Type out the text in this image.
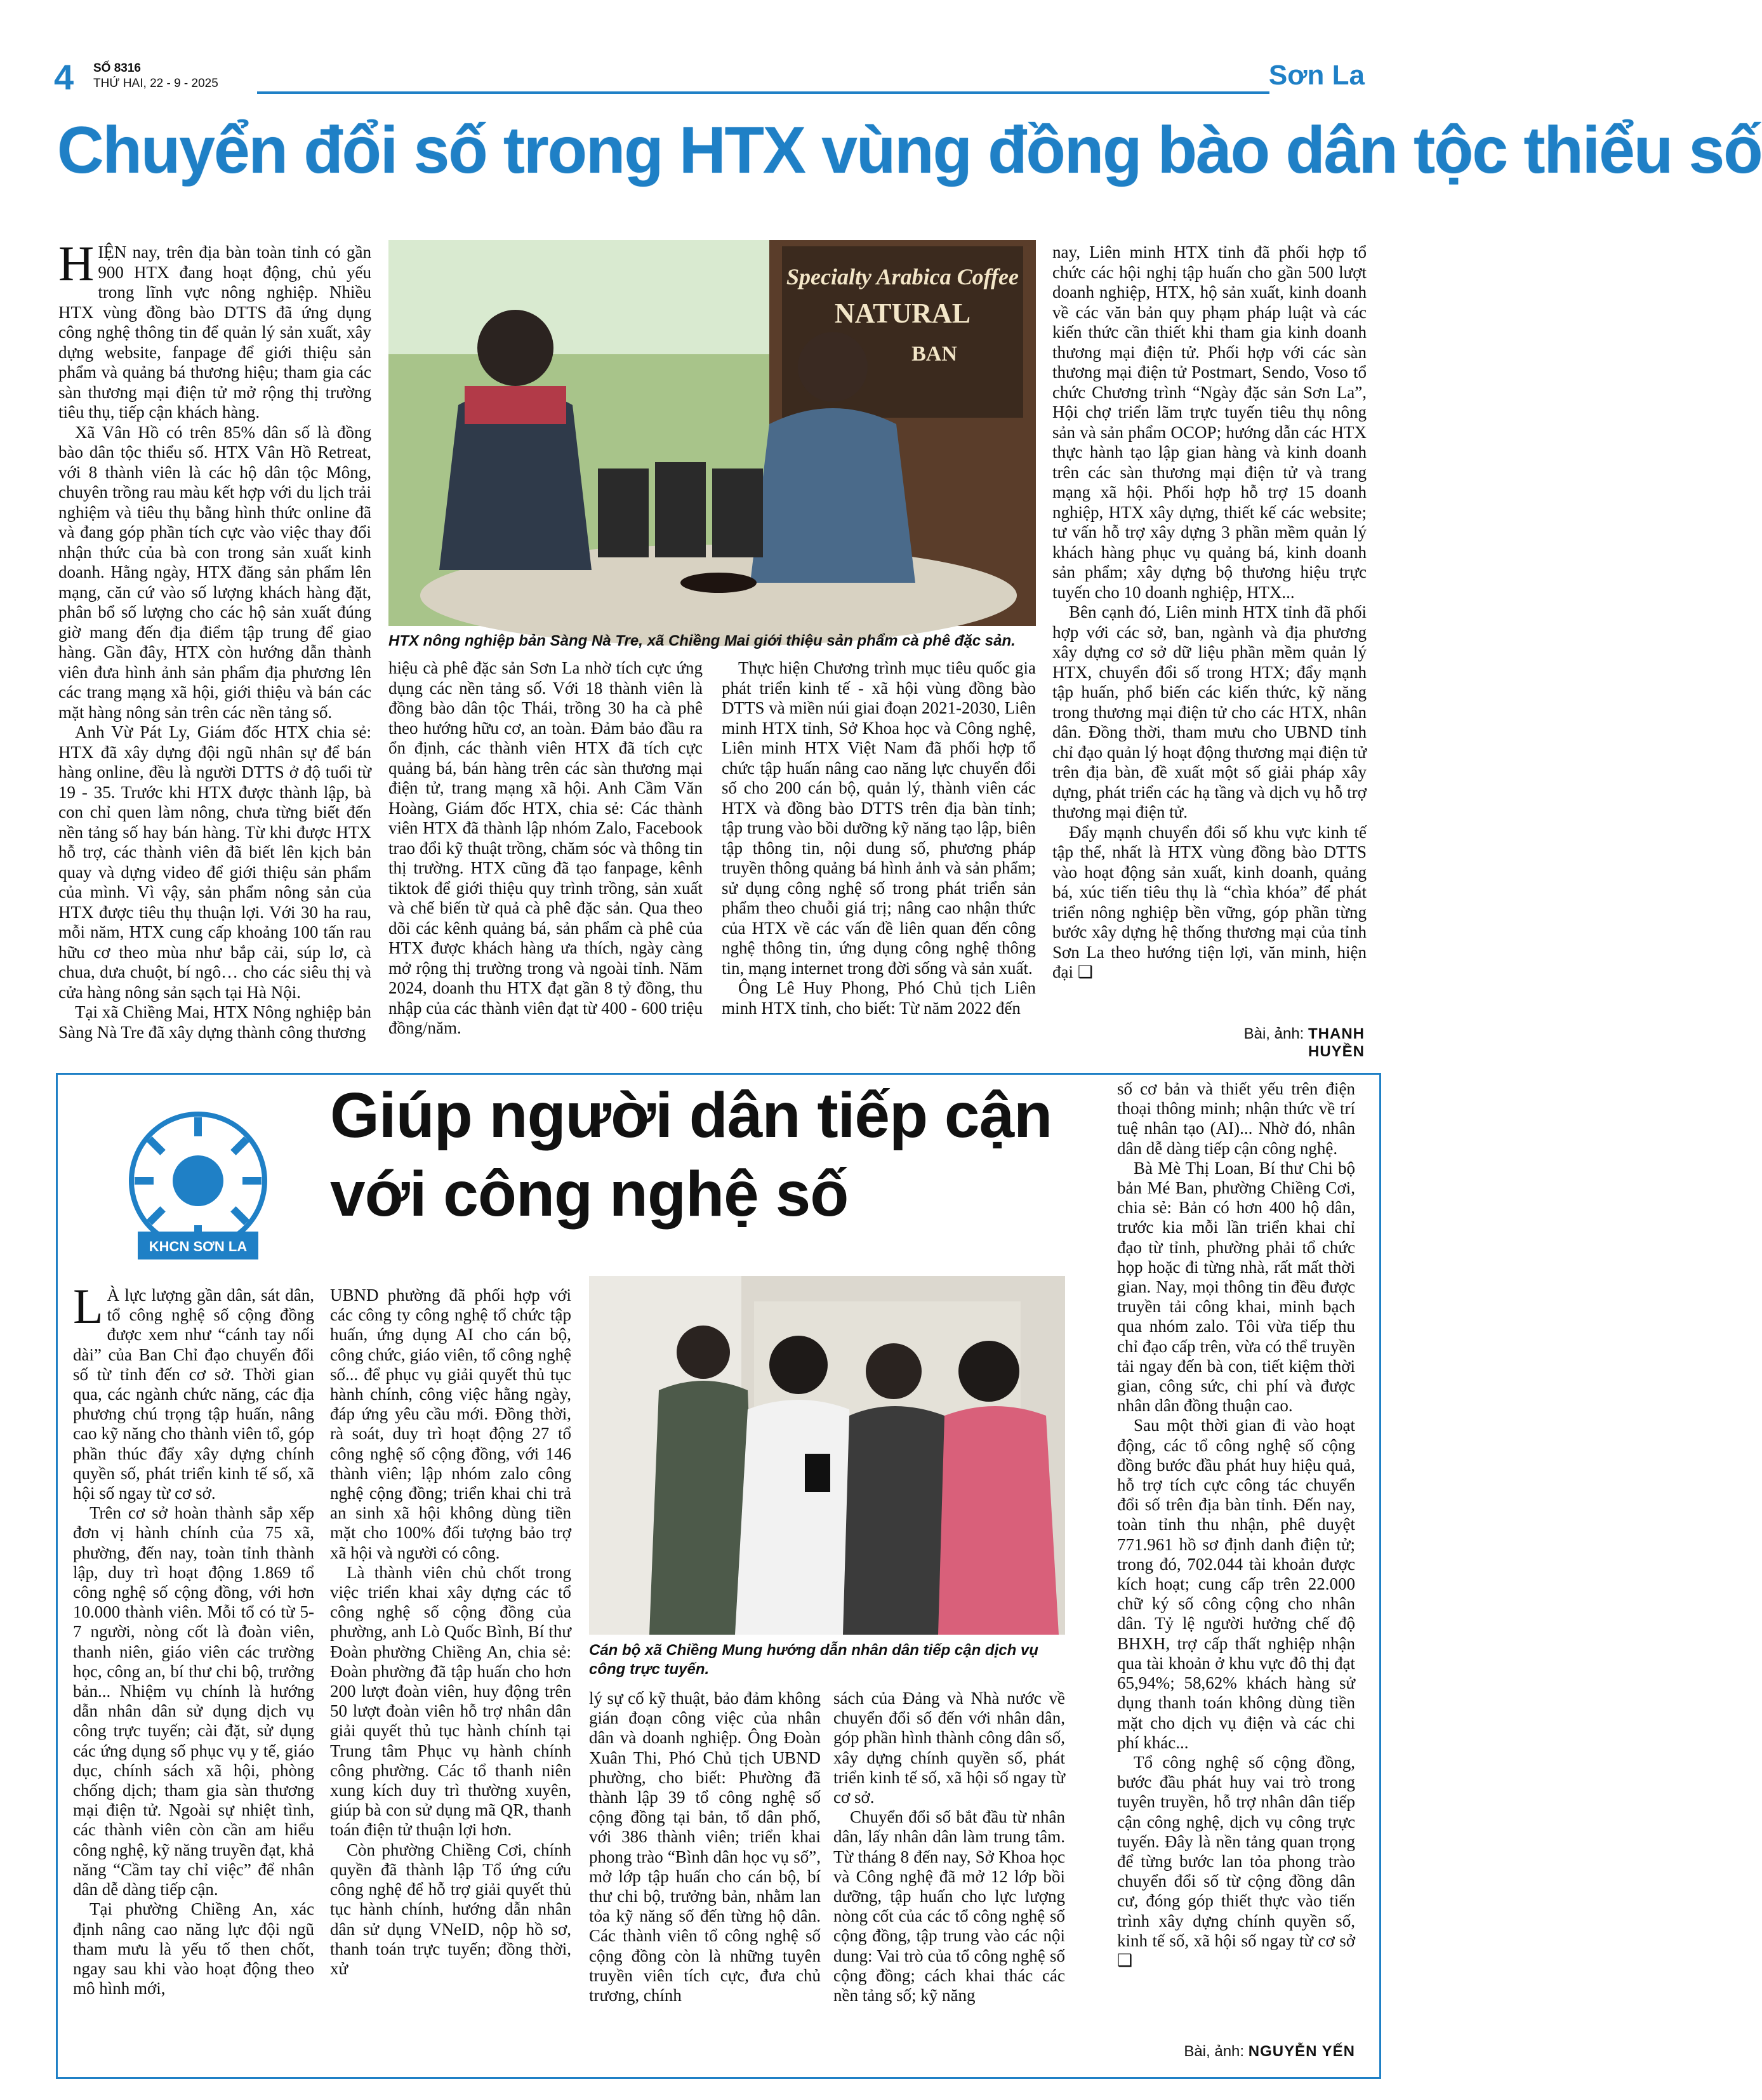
4 SỐ 8316
THỨ HAI, 22 - 9 - 2025	Sơn La
Chuyển đổi số trong HTX vùng đồng bào dân tộc thiểu số

HIỆN nay, trên địa bàn toàn tỉnh có gần 900 HTX đang hoạt động, chủ yếu trong lĩnh vực nông nghiệp. Nhiều HTX vùng đồng bào DTTS đã ứng dụng công nghệ thông tin để quản lý sản xuất, xây dựng website, fanpage để giới thiệu sản phẩm và quảng bá thương hiệu; tham gia các sàn thương mại điện tử mở rộng thị trường tiêu thụ, tiếp cận khách hàng.

Xã Vân Hồ có trên 85% dân số là đồng bào dân tộc thiểu số. HTX Vân Hồ Retreat, với 8 thành viên là các hộ dân tộc Mông, chuyên trồng rau màu kết hợp với du lịch trải nghiệm và tiêu thụ bằng hình thức online đã và đang góp phần tích cực vào việc thay đổi nhận thức của bà con trong sản xuất kinh doanh. Hằng ngày, HTX đăng sản phẩm lên mạng, căn cứ vào số lượng khách hàng đặt, phân bổ số lượng cho các hộ sản xuất đúng giờ mang đến địa điểm tập trung để giao hàng. Gần đây, HTX còn hướng dẫn thành viên đưa hình ảnh sản phẩm địa phương lên các trang mạng xã hội, giới thiệu và bán các mặt hàng nông sản trên các nền tảng số.

Anh Vừ Pát Ly, Giám đốc HTX chia sẻ: HTX đã xây dựng đội ngũ nhân sự để bán hàng online, đều là người DTTS ở độ tuổi từ 19 - 35. Trước khi HTX được thành lập, bà con chỉ quen làm nông, chưa từng biết đến nền tảng số hay bán hàng. Từ khi được HTX hỗ trợ, các thành viên đã biết lên kịch bản quay và dựng video để giới thiệu sản phẩm của mình. Vì vậy, sản phẩm nông sản của HTX được tiêu thụ thuận lợi. Với 30 ha rau, mỗi năm, HTX cung cấp khoảng 100 tấn rau hữu cơ theo mùa như bắp cải, súp lơ, cà chua, dưa chuột, bí ngô… cho các siêu thị và cửa hàng nông sản sạch tại Hà Nội.

Tại xã Chiềng Mai, HTX Nông nghiệp bản Sàng Nà Tre đã xây dựng thành công thương

Specialty Arabica Coffee
NATURAL
BAN
HTX nông nghiệp bản Sàng Nà Tre, xã Chiềng Mai giới thiệu sản phẩm cà phê đặc sản.

hiệu cà phê đặc sản Sơn La nhờ tích cực ứng dụng các nền tảng số. Với 18 thành viên là đồng bào dân tộc Thái, trồng 30 ha cà phê theo hướng hữu cơ, an toàn. Đảm bảo đầu ra ổn định, các thành viên HTX đã tích cực quảng bá, bán hàng trên các sàn thương mại điện tử, trang mạng xã hội. Anh Cầm Văn Hoàng, Giám đốc HTX, chia sẻ: Các thành viên HTX đã thành lập nhóm Zalo, Facebook trao đổi kỹ thuật trồng, chăm sóc và thông tin thị trường. HTX cũng đã tạo fanpage, kênh tiktok để giới thiệu quy trình trồng, sản xuất và chế biến từ quả cà phê đặc sản. Qua theo dõi các kênh quảng bá, sản phẩm cà phê của HTX được khách hàng ưa thích, ngày càng mở rộng thị trường trong và ngoài tỉnh. Năm 2024, doanh thu HTX đạt gần 8 tỷ đồng, thu nhập của các thành viên đạt từ 400 - 600 triệu đồng/năm.

Thực hiện Chương trình mục tiêu quốc gia phát triển kinh tế - xã hội vùng đồng bào DTTS và miền núi giai đoạn 2021-2030, Liên minh HTX tỉnh, Sở Khoa học và Công nghệ, Liên minh HTX Việt Nam đã phối hợp tổ chức tập huấn nâng cao năng lực chuyển đổi số cho 200 cán bộ, quản lý, thành viên các HTX và đồng bào DTTS trên địa bàn tỉnh; tập trung vào bồi dưỡng kỹ năng tạo lập, biên tập thông tin, nội dung số, phương pháp truyền thông quảng bá hình ảnh và sản phẩm; sử dụng công nghệ số trong phát triển sản phẩm theo chuỗi giá trị; nâng cao nhận thức của HTX về các vấn đề liên quan đến công nghệ thông tin, ứng dụng công nghệ thông tin, mạng internet trong đời sống và sản xuất.

Ông Lê Huy Phong, Phó Chủ tịch Liên minh HTX tỉnh, cho biết: Từ năm 2022 đến

nay, Liên minh HTX tỉnh đã phối hợp tổ chức các hội nghị tập huấn cho gần 500 lượt doanh nghiệp, HTX, hộ sản xuất, kinh doanh về các văn bản quy phạm pháp luật và các kiến thức cần thiết khi tham gia kinh doanh thương mại điện tử. Phối hợp với các sàn thương mại điện tử Postmart, Sendo, Voso tổ chức Chương trình “Ngày đặc sản Sơn La”, Hội chợ triển lãm trực tuyến tiêu thụ nông sản và sản phẩm OCOP; hướng dẫn các HTX thực hành tạo lập gian hàng và kinh doanh trên các sàn thương mại điện tử và trang mạng xã hội. Phối hợp hỗ trợ 15 doanh nghiệp, HTX xây dựng, thiết kế các website; tư vấn hỗ trợ xây dựng 3 phần mềm quản lý khách hàng phục vụ quảng bá, kinh doanh sản phẩm; xây dựng bộ thương hiệu trực tuyến cho 10 doanh nghiệp, HTX...

Bên cạnh đó, Liên minh HTX tỉnh đã phối hợp với các sở, ban, ngành và địa phương xây dựng cơ sở dữ liệu phần mềm quản lý HTX, chuyển đổi số trong HTX; đẩy mạnh tập huấn, phổ biến các kiến thức, kỹ năng trong thương mại điện tử cho các HTX, nhân dân. Đồng thời, tham mưu cho UBND tỉnh chỉ đạo quản lý hoạt động thương mại điện tử trên địa bàn, đề xuất một số giải pháp xây dựng, phát triển các hạ tầng và dịch vụ hỗ trợ thương mại điện tử.

Đẩy mạnh chuyển đổi số khu vực kinh tế tập thể, nhất là HTX vùng đồng bào DTTS vào hoạt động sản xuất, kinh doanh, quảng bá, xúc tiến tiêu thụ là “chìa khóa” để phát triển nông nghiệp bền vững, góp phần từng bước xây dựng hệ thống thương mại của tỉnh Sơn La theo hướng tiện lợi, văn minh, hiện đại ❑

Bài, ảnh: THANH HUYỀN
KHCN SƠN LA
Giúp người dân tiếp cận
với công nghệ số

L À lực lượng gần dân, sát dân, tổ công nghệ số cộng đồng được xem như “cánh tay nối dài” của Ban Chỉ đạo chuyển đổi số từ tỉnh đến cơ sở. Thời gian qua, các ngành chức năng, các địa phương chú trọng tập huấn, nâng cao kỹ năng cho thành viên tổ, góp phần thúc đẩy xây dựng chính quyền số, phát triển kinh tế số, xã hội số ngay từ cơ sở.

Trên cơ sở hoàn thành sắp xếp đơn vị hành chính của 75 xã, phường, đến nay, toàn tỉnh thành lập, duy trì hoạt động 1.869 tổ công nghệ số cộng đồng, với hơn 10.000 thành viên. Mỗi tổ có từ 5-7 người, nòng cốt là đoàn viên, thanh niên, giáo viên các trường học, công an, bí thư chi bộ, trưởng bản... Nhiệm vụ chính là hướng dẫn nhân dân sử dụng dịch vụ công trực tuyến; cài đặt, sử dụng các ứng dụng số phục vụ y tế, giáo dục, chính sách xã hội, phòng chống dịch; tham gia sàn thương mại điện tử. Ngoài sự nhiệt tình, các thành viên còn cần am hiểu công nghệ, kỹ năng truyền đạt, khả năng “Cầm tay chỉ việc” để nhân dân dễ dàng tiếp cận.

Tại phường Chiềng An, xác định nâng cao năng lực đội ngũ tham mưu là yếu tố then chốt, ngay sau khi vào hoạt động theo mô hình mới,

UBND phường đã phối hợp với các công ty công nghệ tổ chức tập huấn, ứng dụng AI cho cán bộ, công chức, giáo viên, tổ công nghệ số... để phục vụ giải quyết thủ tục hành chính, công việc hằng ngày, đáp ứng yêu cầu mới. Đồng thời, rà soát, duy trì hoạt động 27 tổ công nghệ số cộng đồng, với 146 thành viên; lập nhóm zalo công nghệ cộng đồng; triển khai chi trả an sinh xã hội không dùng tiền mặt cho 100% đối tượng bảo trợ xã hội và người có công.

Là thành viên chủ chốt trong việc triển khai xây dựng các tổ công nghệ số cộng đồng của phường, anh Lò Quốc Bình, Bí thư Đoàn phường Chiềng An, chia sẻ: Đoàn phường đã tập huấn cho hơn 200 lượt đoàn viên, huy động trên 50 lượt đoàn viên hỗ trợ nhân dân giải quyết thủ tục hành chính tại Trung tâm Phục vụ hành chính công phường. Các tổ thanh niên xung kích duy trì thường xuyên, giúp bà con sử dụng mã QR, thanh toán điện tử thuận lợi hơn.

Còn phường Chiềng Cơi, chính quyền đã thành lập Tổ ứng cứu công nghệ để hỗ trợ giải quyết thủ tục hành chính, hướng dẫn nhân dân sử dụng VNeID, nộp hồ sơ, thanh toán trực tuyến; đồng thời, xử

Cán bộ xã Chiềng Mung hướng dẫn nhân dân tiếp cận dịch vụ công trực tuyến.

lý sự cố kỹ thuật, bảo đảm không gián đoạn công việc của nhân dân và doanh nghiệp. Ông Đoàn Xuân Thi, Phó Chủ tịch UBND phường, cho biết: Phường đã thành lập 39 tổ công nghệ số cộng đồng tại bản, tổ dân phố, với 386 thành viên; triển khai phong trào “Bình dân học vụ số”, mở lớp tập huấn cho cán bộ, bí thư chi bộ, trưởng bản, nhằm lan tỏa kỹ năng số đến từng hộ dân. Các thành viên tổ công nghệ số cộng đồng còn là những tuyên truyền viên tích cực, đưa chủ trương, chính

sách của Đảng và Nhà nước về chuyển đổi số đến với nhân dân, góp phần hình thành công dân số, xây dựng chính quyền số, phát triển kinh tế số, xã hội số ngay từ cơ sở.

Chuyển đổi số bắt đầu từ nhân dân, lấy nhân dân làm trung tâm. Từ tháng 8 đến nay, Sở Khoa học và Công nghệ đã mở 12 lớp bồi dưỡng, tập huấn cho lực lượng nòng cốt của các tổ công nghệ số cộng đồng, tập trung vào các nội dung: Vai trò của tổ công nghệ số cộng đồng; cách khai thác các nền tảng số; kỹ năng

số cơ bản và thiết yếu trên điện thoại thông minh; nhận thức về trí tuệ nhân tạo (AI)... Nhờ đó, nhân dân dễ dàng tiếp cận công nghệ.

Bà Mè Thị Loan, Bí thư Chi bộ bản Mé Ban, phường Chiềng Cơi, chia sẻ: Bản có hơn 400 hộ dân, trước kia mỗi lần triển khai chỉ đạo từ tỉnh, phường phải tổ chức họp hoặc đi từng nhà, rất mất thời gian. Nay, mọi thông tin đều được truyền tải công khai, minh bạch qua nhóm zalo. Tôi vừa tiếp thu chỉ đạo cấp trên, vừa có thể truyền tải ngay đến bà con, tiết kiệm thời gian, công sức, chi phí và được nhân dân đồng thuận cao.

Sau một thời gian đi vào hoạt động, các tổ công nghệ số cộng đồng bước đầu phát huy hiệu quả, hỗ trợ tích cực công tác chuyển đổi số trên địa bàn tỉnh. Đến nay, toàn tỉnh thu nhận, phê duyệt 771.961 hồ sơ định danh điện tử; trong đó, 702.044 tài khoản được kích hoạt; cung cấp trên 22.000 chữ ký số công cộng cho nhân dân. Tỷ lệ người hưởng chế độ BHXH, trợ cấp thất nghiệp nhận qua tài khoản ở khu vực đô thị đạt 65,94%; 58,62% khách hàng sử dụng thanh toán không dùng tiền mặt cho dịch vụ điện và các chi phí khác...

Tổ công nghệ số cộng đồng, bước đầu phát huy vai trò trong tuyên truyền, hỗ trợ nhân dân tiếp cận công nghệ, dịch vụ công trực tuyến. Đây là nền tảng quan trọng để từng bước lan tỏa phong trào chuyển đổi số từ cộng đồng dân cư, đóng góp thiết thực vào tiến trình xây dựng chính quyền số, kinh tế số, xã hội số ngay từ cơ sở ❑

Bài, ảnh: NGUYỄN YẾN
